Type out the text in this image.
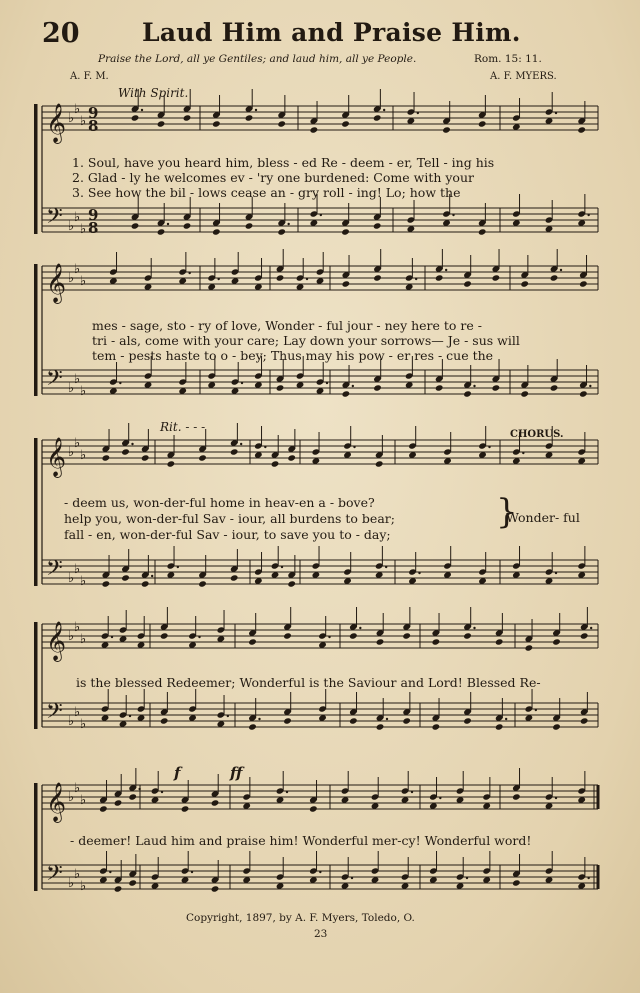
𝄞 ♭
♭
♭ 9
8
𝄢 ♭
♭
♭
9
8
𝄞 ♭
♭
♭
𝄢 ♭
♭
♭
𝄞 ♭
♭
♭
𝄢 ♭
♭
♭
𝄞 ♭
♭
♭
𝄢 ♭
♭
♭
𝄞 ♭
♭
♭
𝄢 ♭
♭
♭
20 Laud Him and Praise Him.
Praise the Lord, all ye Gentiles; and laud him, all ye People.	Rom. 15: 11.
A. F. M.	A. F. MYERS.
With Spirit.
1. Soul, have you heard him, bless - ed Re - deem - er, Tell - ing his
2. Glad - ly he welcomes ev - 'ry one burdened: Come with your
3. See how the bil - lows cease an - gry roll - ing! Lo; how the
mes - sage, sto - ry of love, Wonder - ful jour - ney here to re -
tri - als, come with your care; Lay down your sorrows— Je - sus will
tem - pests haste to o - bey; Thus may his pow - er res - cue the
Rit. - - -
CHORUS.
- deem us, won-der-ful home in heav-en a - bove?
help you, won-der-ful Sav - iour, all burdens to bear;
fall - en, won-der-ful Sav - iour, to save you to - day;
}
Wonder- ful
is the blessed Redeemer; Wonderful is the Saviour and Lord! Blessed Re-
f	ff
- deemer! Laud him and praise him! Wonderful mer-cy! Wonderful word!
Copyright, 1897, by A. F. Myers, Toledo, O.
23
